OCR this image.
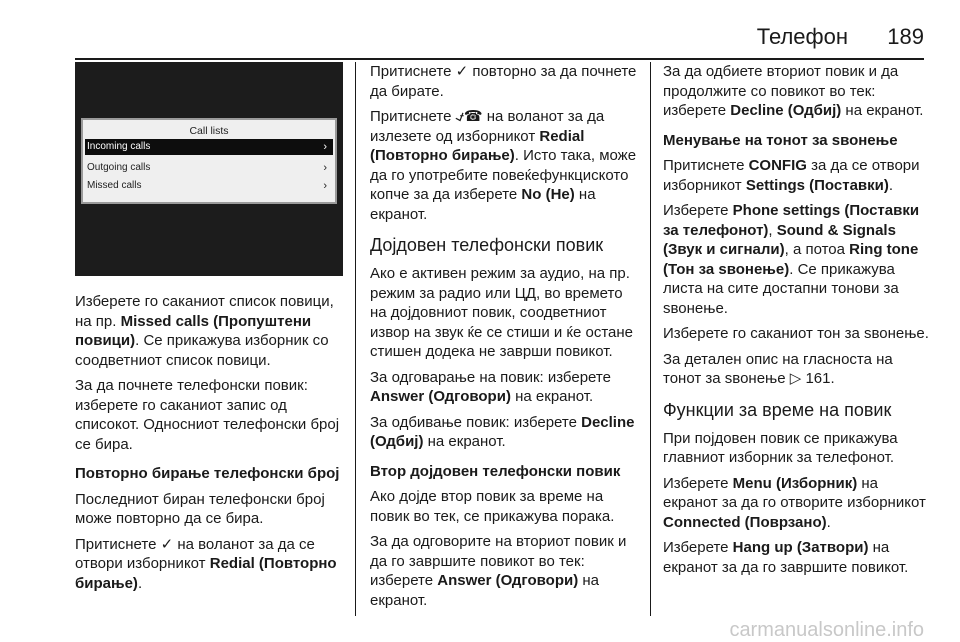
Телефон 189
Call lists
Incoming calls	›
Outgoing calls	›
Missed calls	›

Изберете го саканиот список повици, на пр. Missed calls (Пропуштени повици). Се прикажува изборник со соодветниот список повици.

За да почнете телефонски повик: изберете го саканиот запис од списокот. Односниот телефонски број се бира.

Повторно бирање телефонски број

Последниот биран телефонски број може повторно да се бира.

Притиснете ✓ на воланот за да се отвори изборникот Redial (Повторно бирање).

Притиснете ✓ повторно за да почнете да бирате.

Притиснете ⍻☎ на воланот за да излезете од изборникот Redial (Повторно бирање). Исто така, може да го употребите повеќефункциското копче за да изберете No (Не) на екранот.

Дојдовен телефонски повик

Ако е активен режим за аудио, на пр. режим за радио или ЦД, во времето на дојдовниот повик, соодветниот извор на звук ќе се стиши и ќе остане стишен додека не заврши повикот.

За одговарање на повик: изберете Answer (Одговори) на екранот.

За одбивање повик: изберете Decline (Одбиј) на екранот.

Втор дојдовен телефонски повик

Ако дојде втор повик за време на повик во тек, се прикажува порака.

За да одговорите на вториот повик и да го завршите повикот во тек: изберете Answer (Одговори) на екранот.

За да одбиете вториот повик и да продолжите со повикот во тек: изберете Decline (Одбиј) на екранот.

Менување на тонот за ѕвонење

Притиснете CONFIG за да се отвори изборникот Settings (Поставки).

Изберете Phone settings (Поставки за телефонот), Sound & Signals (Звук и сигнали), а потоа Ring tone (Тон за ѕвонење). Се прикажува листа на сите достапни тонови за ѕвонење.

Изберете го саканиот тон за ѕвонење.

За детален опис на гласноста на тонот за ѕвонење ▷ 161.

Функции за време на повик

При појдовен повик се прикажува главниот изборник за телефонот.

Изберете Menu (Изборник) на екранот за да го отворите изборникот Connected (Поврзано).

Изберете Hang up (Затвори) на екранот за да го завршите повикот.

carmanualsonline.info
